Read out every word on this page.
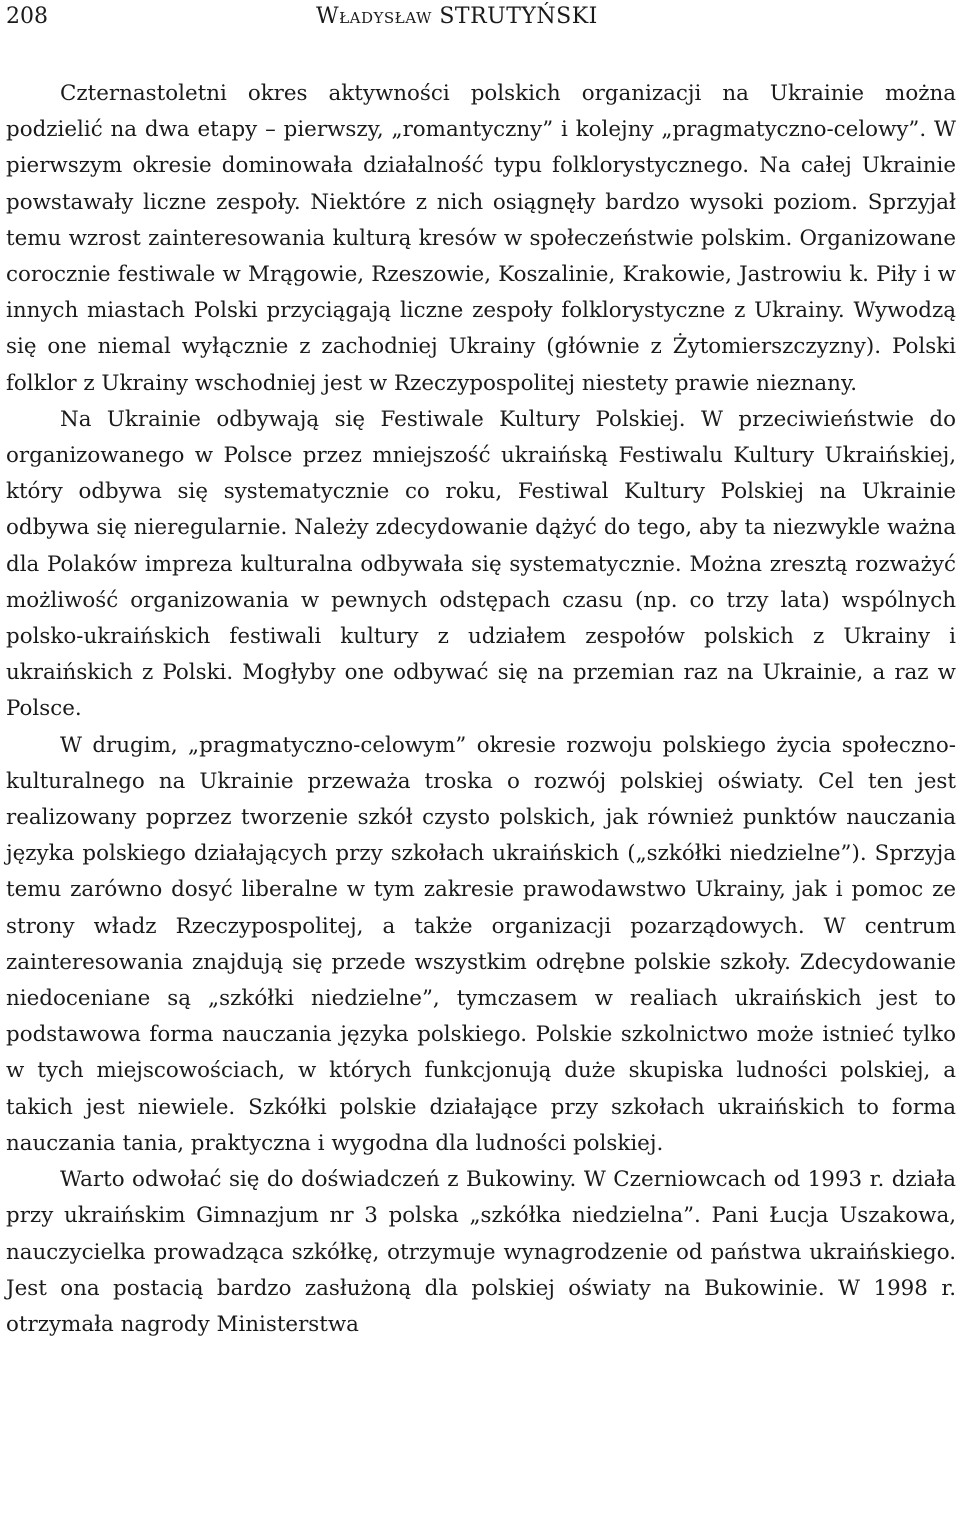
208	Władysław STRUTYŃSKI

Czternastoletni okres aktywności polskich organizacji na Ukrainie można podzielić na dwa etapy – pierwszy, „romantyczny” i kolejny „pragmatyczno-celowy”. W pierwszym okresie dominowała działalność typu folklorystycznego. Na całej Ukrainie powstawały liczne zespoły. Niektóre z nich osiągnęły bardzo wysoki poziom. Sprzyjał temu wzrost zainteresowania kulturą kresów w społeczeństwie polskim. Organizowane corocznie festiwale w Mrągowie, Rzeszowie, Koszalinie, Krakowie, Jastrowiu k. Piły i w innych miastach Polski przyciągają liczne zespoły folklorystyczne z Ukrainy. Wywodzą się one niemal wyłącznie z zachodniej Ukrainy (głównie z Żytomierszczyzny). Polski folklor z Ukrainy wschodniej jest w Rzeczypospolitej niestety prawie nieznany.

Na Ukrainie odbywają się Festiwale Kultury Polskiej. W przeciwieństwie do organizowanego w Polsce przez mniejszość ukraińską Festiwalu Kultury Ukraińskiej, który odbywa się systematycznie co roku, Festiwal Kultury Polskiej na Ukrainie odbywa się nieregularnie. Należy zdecydowanie dążyć do tego, aby ta niezwykle ważna dla Polaków impreza kulturalna odbywała się systematycznie. Można zresztą rozważyć możliwość organizowania w pewnych odstępach czasu (np. co trzy lata) wspólnych polsko-ukraińskich festiwali kultury z udziałem zespołów polskich z Ukrainy i ukraińskich z Polski. Mogłyby one odbywać się na przemian raz na Ukrainie, a raz w Polsce.

W drugim, „pragmatyczno-celowym” okresie rozwoju polskiego życia społeczno-kulturalnego na Ukrainie przeważa troska o rozwój polskiej oświaty. Cel ten jest realizowany poprzez tworzenie szkół czysto polskich, jak również punktów nauczania języka polskiego działających przy szkołach ukraińskich („szkółki niedzielne”). Sprzyja temu zarówno dosyć liberalne w tym zakresie prawodawstwo Ukrainy, jak i pomoc ze strony władz Rzeczypospolitej, a także organizacji pozarządowych. W centrum zainteresowania znajdują się przede wszystkim odrębne polskie szkoły. Zdecydowanie niedoceniane są „szkółki niedzielne”, tymczasem w realiach ukraińskich jest to podstawowa forma nauczania języka polskiego. Polskie szkolnictwo może istnieć tylko w tych miejscowościach, w których funkcjonują duże skupiska ludności polskiej, a takich jest niewiele. Szkółki polskie działające przy szkołach ukraińskich to forma nauczania tania, praktyczna i wygodna dla ludności polskiej.

Warto odwołać się do doświadczeń z Bukowiny. W Czerniowcach od 1993 r. działa przy ukraińskim Gimnazjum nr 3 polska „szkółka niedzielna”. Pani Łucja Uszakowa, nauczycielka prowadząca szkółkę, otrzymuje wynagrodzenie od państwa ukraińskiego. Jest ona postacią bardzo zasłużoną dla polskiej oświaty na Bukowinie. W 1998 r. otrzymała nagrody Ministerstwa
